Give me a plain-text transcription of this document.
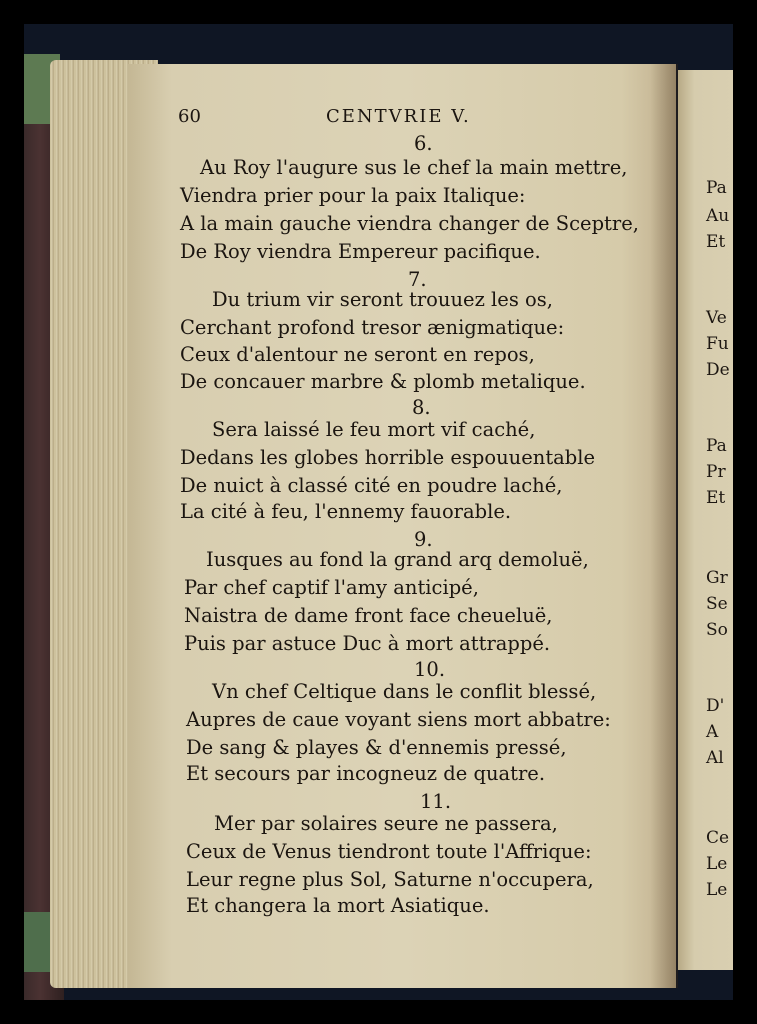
Pa
Au
Et
Ve
Fu
De
Pa
Pr
Et
Gr
Se
So
D'
A
Al
Ce
Le
Le
60	CENTVRIE V.
6.
Au Roy l'augure sus le chef la main mettre,
Viendra prier pour la paix Italique:
A la main gauche viendra changer de Sceptre,
De Roy viendra Empereur pacifique.
7.
Du trium vir seront trouuez les os,
Cerchant profond tresor ænigmatique:
Ceux d'alentour ne seront en repos,
De concauer marbre & plomb metalique.
8.
Sera laissé le feu mort vif caché,
Dedans les globes horrible espouuentable
De nuict à classé cité en poudre laché,
La cité à feu, l'ennemy fauorable.
9.
Iusques au fond la grand arq demoluë,
Par chef captif l'amy anticipé,
Naistra de dame front face cheueluë,
Puis par astuce Duc à mort attrappé.
10.
Vn chef Celtique dans le conflit blessé,
Aupres de caue voyant siens mort abbatre:
De sang & playes & d'ennemis pressé,
Et secours par incogneuz de quatre.
11.
Mer par solaires seure ne passera,
Ceux de Venus tiendront toute l'Affrique:
Leur regne plus Sol, Saturne n'occupera,
Et changera la mort Asiatique.
